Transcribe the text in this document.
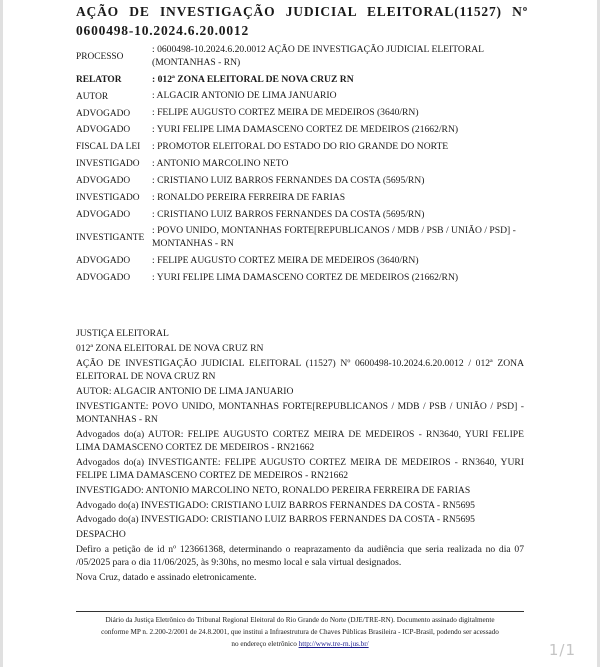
AÇÃO DE INVESTIGAÇÃO JUDICIAL ELEITORAL(11527) Nº 0600498-10.2024.6.20.0012
PROCESSO	: 0600498-10.2024.6.20.0012 AÇÃO DE INVESTIGAÇÃO JUDICIAL ELEITORAL (MONTANHAS - RN)
RELATOR	: 012ª ZONA ELEITORAL DE NOVA CRUZ RN
AUTOR	: ALGACIR ANTONIO DE LIMA JANUARIO
ADVOGADO	: FELIPE AUGUSTO CORTEZ MEIRA DE MEDEIROS (3640/RN)
ADVOGADO	: YURI FELIPE LIMA DAMASCENO CORTEZ DE MEDEIROS (21662/RN)
FISCAL DA LEI	: PROMOTOR ELEITORAL DO ESTADO DO RIO GRANDE DO NORTE
INVESTIGADO	: ANTONIO MARCOLINO NETO
ADVOGADO	: CRISTIANO LUIZ BARROS FERNANDES DA COSTA (5695/RN)
INVESTIGADO	: RONALDO PEREIRA FERREIRA DE FARIAS
ADVOGADO	: CRISTIANO LUIZ BARROS FERNANDES DA COSTA (5695/RN)
INVESTIGANTE	: POVO UNIDO, MONTANHAS FORTE[REPUBLICANOS / MDB / PSB / UNIÃO / PSD] - MONTANHAS - RN
ADVOGADO	: FELIPE AUGUSTO CORTEZ MEIRA DE MEDEIROS (3640/RN)
ADVOGADO	: YURI FELIPE LIMA DAMASCENO CORTEZ DE MEDEIROS (21662/RN)

JUSTIÇA ELEITORAL

012ª ZONA ELEITORAL DE NOVA CRUZ RN

AÇÃO DE INVESTIGAÇÃO JUDICIAL ELEITORAL (11527) Nº 0600498-10.2024.6.20.0012 / 012ª ZONA ELEITORAL DE NOVA CRUZ RN

AUTOR: ALGACIR ANTONIO DE LIMA JANUARIO

INVESTIGANTE: POVO UNIDO, MONTANHAS FORTE[REPUBLICANOS / MDB / PSB / UNIÃO / PSD] - MONTANHAS - RN

Advogados do(a) AUTOR: FELIPE AUGUSTO CORTEZ MEIRA DE MEDEIROS - RN3640, YURI FELIPE LIMA DAMASCENO CORTEZ DE MEDEIROS - RN21662

Advogados do(a) INVESTIGANTE: FELIPE AUGUSTO CORTEZ MEIRA DE MEDEIROS - RN3640, YURI FELIPE LIMA DAMASCENO CORTEZ DE MEDEIROS - RN21662

INVESTIGADO: ANTONIO MARCOLINO NETO, RONALDO PEREIRA FERREIRA DE FARIAS

Advogado do(a) INVESTIGADO: CRISTIANO LUIZ BARROS FERNANDES DA COSTA - RN5695

Advogado do(a) INVESTIGADO: CRISTIANO LUIZ BARROS FERNANDES DA COSTA - RN5695

DESPACHO

Defiro a petição de id nº 123661368, determinando o reaprazamento da audiência que seria realizada no dia 07 /05/2025 para o dia 11/06/2025, às 9:30hs, no mesmo local e sala virtual designados.

Nova Cruz, datado e assinado eletronicamente.

Diário da Justiça Eletrônico do Tribunal Regional Eleitoral do Rio Grande do Norte (DJE/TRE-RN). Documento assinado digitalmente
conforme MP n. 2.200-2/2001 de 24.8.2001, que institui a Infraestrutura de Chaves Públicas Brasileira - ICP-Brasil, podendo ser acessado
no endereço eletrônico http://www.tre-rn.jus.br/	1/1
